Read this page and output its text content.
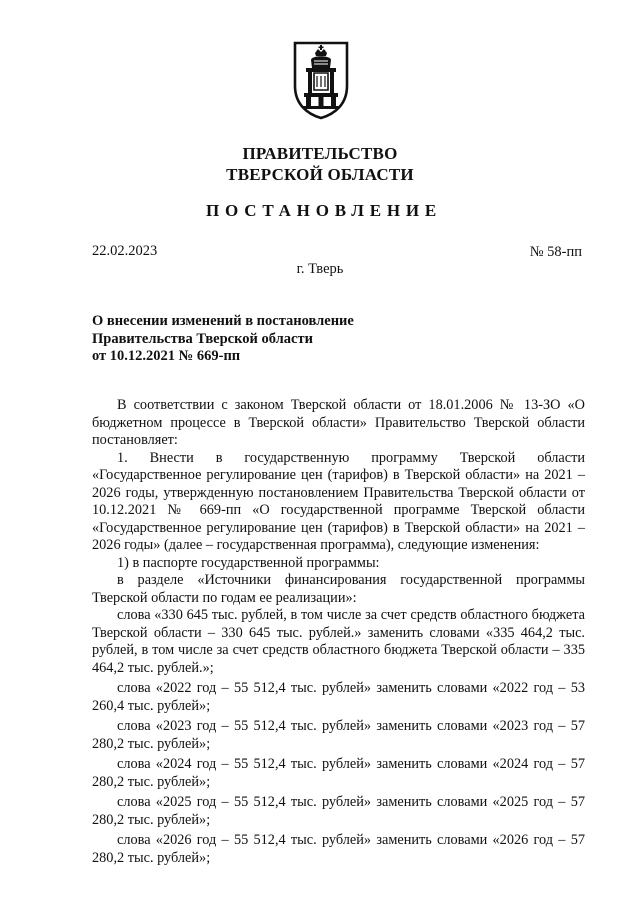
ПРАВИТЕЛЬСТВО
ТВЕРСКОЙ ОБЛАСТИ
ПОСТАНОВЛЕНИЕ
22.02.2023	№ 58-пп
г. Тверь
О внесении изменений в постановление
Правительства Тверской области
от 10.12.2021 № 669-пп

В соответствии с законом Тверской области от 18.01.2006 № 13-ЗО «О бюджетном процессе в Тверской области» Правительство Тверской области постановляет:

1. Внести в государственную программу Тверской области «Государственное регулирование цен (тарифов) в Тверской области» на 2021 – 2026 годы, утвержденную постановлением Правительства Тверской области от 10.12.2021 № 669-пп «О государственной программе Тверской области «Государственное регулирование цен (тарифов) в Тверской области» на 2021 – 2026 годы» (далее – государственная программа), следующие изменения:

1) в паспорте государственной программы:

в разделе «Источники финансирования государственной программы Тверской области по годам ее реализации»:

слова «330 645 тыс. рублей, в том числе за счет средств областного бюджета Тверской области – 330 645 тыс. рублей.» заменить словами «335 464,2 тыс. рублей, в том числе за счет средств областного бюджета Тверской области – 335 464,2 тыс. рублей.»;

слова «2022 год – 55 512,4 тыс. рублей» заменить словами «2022 год – 53 260,4 тыс. рублей»;

слова «2023 год – 55 512,4 тыс. рублей» заменить словами «2023 год – 57 280,2 тыс. рублей»;

слова «2024 год – 55 512,4 тыс. рублей» заменить словами «2024 год – 57 280,2 тыс. рублей»;

слова «2025 год – 55 512,4 тыс. рублей» заменить словами «2025 год – 57 280,2 тыс. рублей»;

слова «2026 год – 55 512,4 тыс. рублей» заменить словами «2026 год – 57 280,2 тыс. рублей»;
